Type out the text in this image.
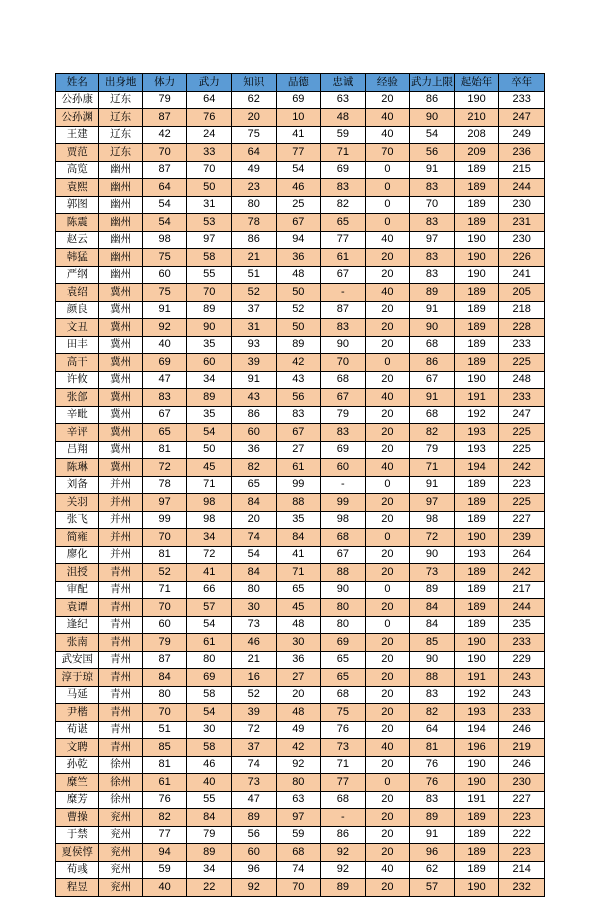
姓名	出身地	体力	武力	知识	品德	忠诚	经验	武力上限	起始年	卒年
公孙康	辽东	79	64	62	69	63	20	86	190	233
公孙渊	辽东	87	76	20	10	48	40	90	210	247
王建	辽东	42	24	75	41	59	40	54	208	249
贾范	辽东	70	33	64	77	71	70	56	209	236
高览	幽州	87	70	49	54	69	0	91	189	215
袁熙	幽州	64	50	23	46	83	0	83	189	244
郭图	幽州	54	31	80	25	82	0	70	189	230
陈震	幽州	54	53	78	67	65	0	83	189	231
赵云	幽州	98	97	86	94	77	40	97	190	230
韩猛	幽州	75	58	21	36	61	20	83	190	226
严纲	幽州	60	55	51	48	67	20	83	190	241
袁绍	冀州	75	70	52	50	-	40	89	189	205
颜良	冀州	91	89	37	52	87	20	91	189	218
文丑	冀州	92	90	31	50	83	20	90	189	228
田丰	冀州	40	35	93	89	90	20	68	189	233
高干	冀州	69	60	39	42	70	0	86	189	225
许攸	冀州	47	34	91	43	68	20	67	190	248
张郃	冀州	83	89	43	56	67	40	91	191	233
辛毗	冀州	67	35	86	83	79	20	68	192	247
辛评	冀州	65	54	60	67	83	20	82	193	225
吕翔	冀州	81	50	36	27	69	20	79	193	225
陈琳	冀州	72	45	82	61	60	40	71	194	242
刘备	并州	78	71	65	99	-	0	91	189	223
关羽	并州	97	98	84	88	99	20	97	189	225
张飞	并州	99	98	20	35	98	20	98	189	227
简雍	并州	70	34	74	84	68	0	72	190	239
廖化	并州	81	72	54	41	67	20	90	193	264
沮授	青州	52	41	84	71	88	20	73	189	242
审配	青州	71	66	80	65	90	0	89	189	217
袁谭	青州	70	57	30	45	80	20	84	189	244
逢纪	青州	60	54	73	48	80	0	84	189	235
张南	青州	79	61	46	30	69	20	85	190	233
武安国	青州	87	80	21	36	65	20	90	190	229
淳于琼	青州	84	69	16	27	65	20	88	191	243
马延	青州	80	58	52	20	68	20	83	192	243
尹楷	青州	70	54	39	48	75	20	82	193	233
荀谌	青州	51	30	72	49	76	20	64	194	246
文聘	青州	85	58	37	42	73	40	81	196	219
孙乾	徐州	81	46	74	92	71	20	76	190	246
糜竺	徐州	61	40	73	80	77	0	76	190	230
糜芳	徐州	76	55	47	63	68	20	83	191	227
曹操	兖州	82	84	89	97	-	20	89	189	223
于禁	兖州	77	79	56	59	86	20	91	189	222
夏侯惇	兖州	94	89	60	68	92	20	96	189	223
荀彧	兖州	59	34	96	74	92	40	62	189	214
程昱	兖州	40	22	92	70	89	20	57	190	232
